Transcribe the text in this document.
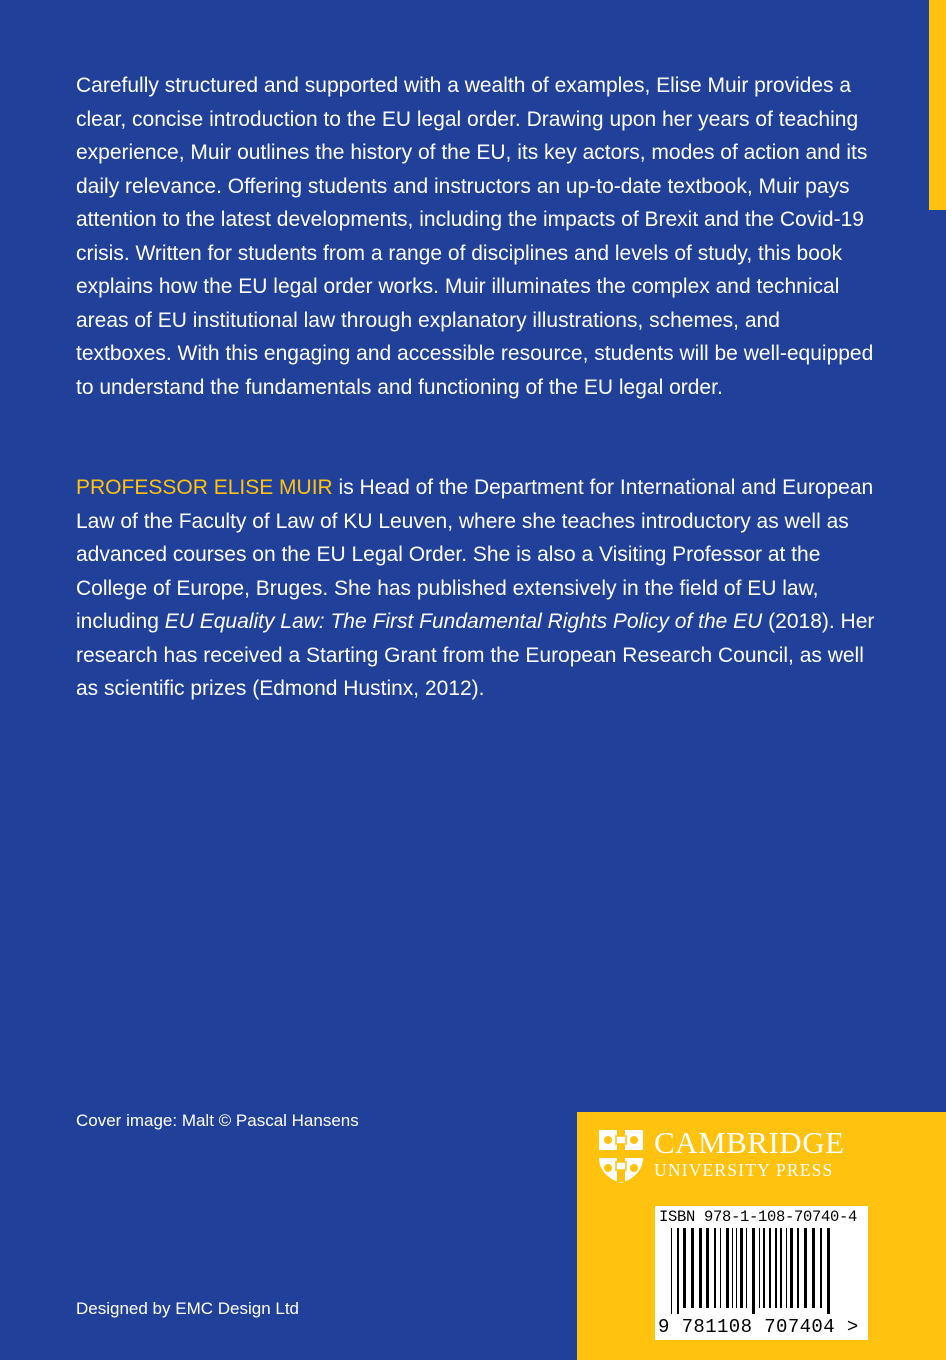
Carefully structured and supported with a wealth of examples, Elise Muir provides a clear, concise introduction to the EU legal order. Drawing upon her years of teaching experience, Muir outlines the history of the EU, its key actors, modes of action and its daily relevance. Offering students and instructors an up-to-date textbook, Muir pays attention to the latest developments, including the impacts of Brexit and the Covid-19 crisis. Written for students from a range of disciplines and levels of study, this book explains how the EU legal order works. Muir illuminates the complex and technical areas of EU institutional law through explanatory illustrations, schemes, and textboxes. With this engaging and accessible resource, students will be well-equipped to understand the fundamentals and functioning of the EU legal order.

PROFESSOR ELISE MUIR is Head of the Department for International and European Law of the Faculty of Law of KU Leuven, where she teaches introductory as well as advanced courses on the EU Legal Order. She is also a Visiting Professor at the College of Europe, Bruges. She has published extensively in the field of EU law, including EU Equality Law: The First Fundamental Rights Policy of the EU (2018). Her research has received a Starting Grant from the European Research Council, as well as scientific prizes (Edmond Hustinx, 2012).

Cover image: Malt © Pascal Hansens
Designed by EMC Design Ltd
CAMBRIDGE
UNIVERSITY PRESS
ISBN 978-1-108-70740-4
9 781108 707404 >
